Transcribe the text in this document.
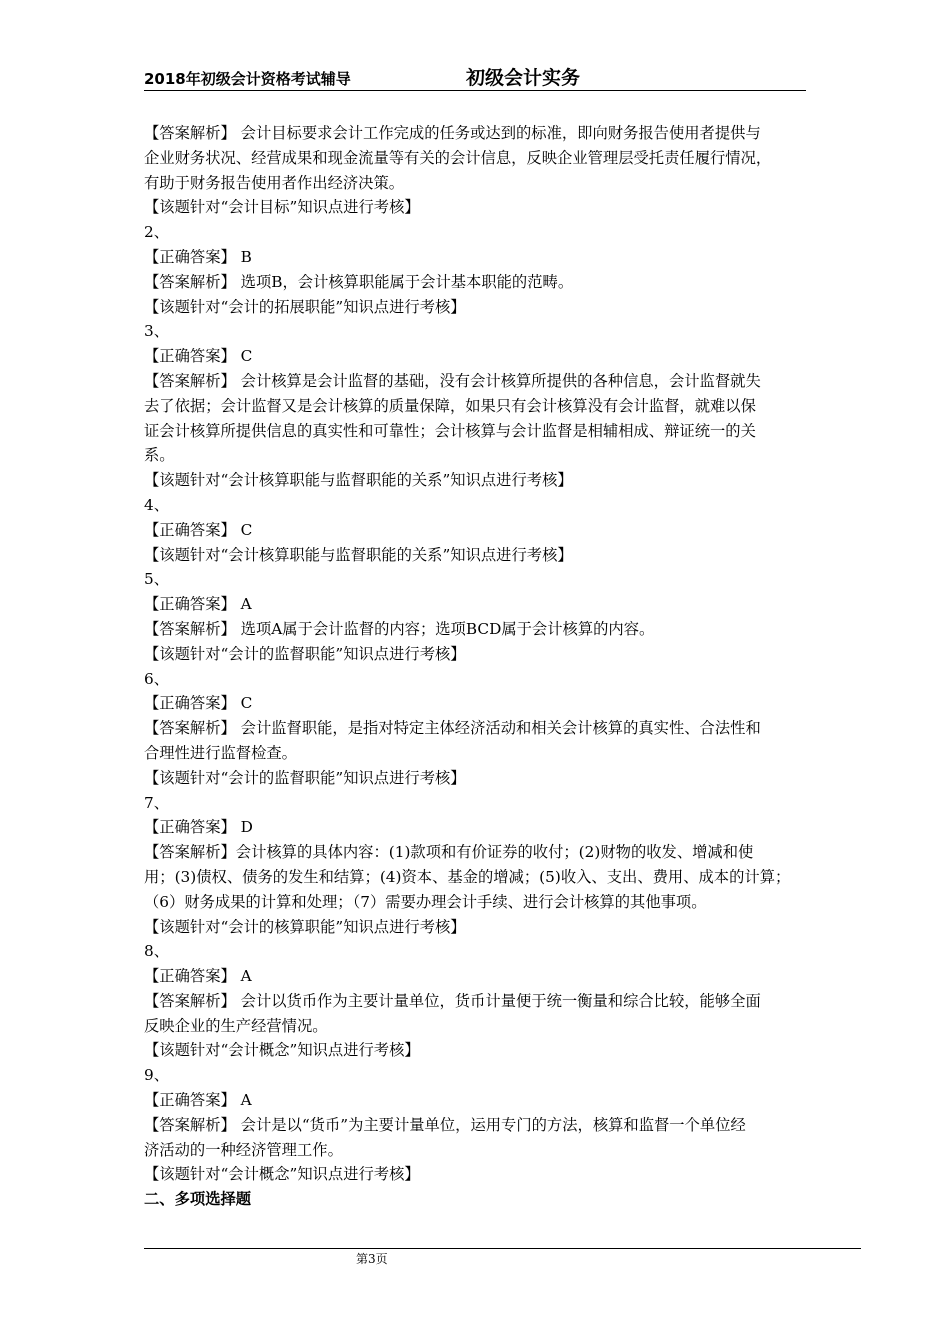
2018年初级会计资格考试辅导	初级会计实务
【答案解析】 会计目标要求会计工作完成的任务或达到的标准，即向财务报告使用者提供与
企业财务状况、经营成果和现金流量等有关的会计信息，反映企业管理层受托责任履行情况，
有助于财务报告使用者作出经济决策。
【该题针对“会计目标”知识点进行考核】
2、
【正确答案】 B
【答案解析】 选项B，会计核算职能属于会计基本职能的范畴。
【该题针对“会计的拓展职能”知识点进行考核】
3、
【正确答案】 C
【答案解析】 会计核算是会计监督的基础，没有会计核算所提供的各种信息，会计监督就失
去了依据；会计监督又是会计核算的质量保障，如果只有会计核算没有会计监督，就难以保
证会计核算所提供信息的真实性和可靠性；会计核算与会计监督是相辅相成、辩证统一的关
系。
【该题针对“会计核算职能与监督职能的关系”知识点进行考核】
4、
【正确答案】 C
【该题针对“会计核算职能与监督职能的关系”知识点进行考核】
5、
【正确答案】 A
【答案解析】 选项A属于会计监督的内容；选项BCD属于会计核算的内容。
【该题针对“会计的监督职能”知识点进行考核】
6、
【正确答案】 C
【答案解析】 会计监督职能，是指对特定主体经济活动和相关会计核算的真实性、合法性和
合理性进行监督检查。
【该题针对“会计的监督职能”知识点进行考核】
7、
【正确答案】 D
【答案解析】会计核算的具体内容：(1)款项和有价证券的收付；(2)财物的收发、增减和使
用；(3)债权、债务的发生和结算；(4)资本、基金的增减；(5)收入、支出、费用、成本的计算；
（6）财务成果的计算和处理；（7）需要办理会计手续、进行会计核算的其他事项。
【该题针对“会计的核算职能”知识点进行考核】
8、
【正确答案】 A
【答案解析】 会计以货币作为主要计量单位，货币计量便于统一衡量和综合比较，能够全面
反映企业的生产经营情况。
【该题针对“会计概念”知识点进行考核】
9、
【正确答案】 A
【答案解析】 会计是以“货币”为主要计量单位，运用专门的方法，核算和监督一个单位经
济活动的一种经济管理工作。
【该题针对“会计概念”知识点进行考核】
二、多项选择题
第3页
